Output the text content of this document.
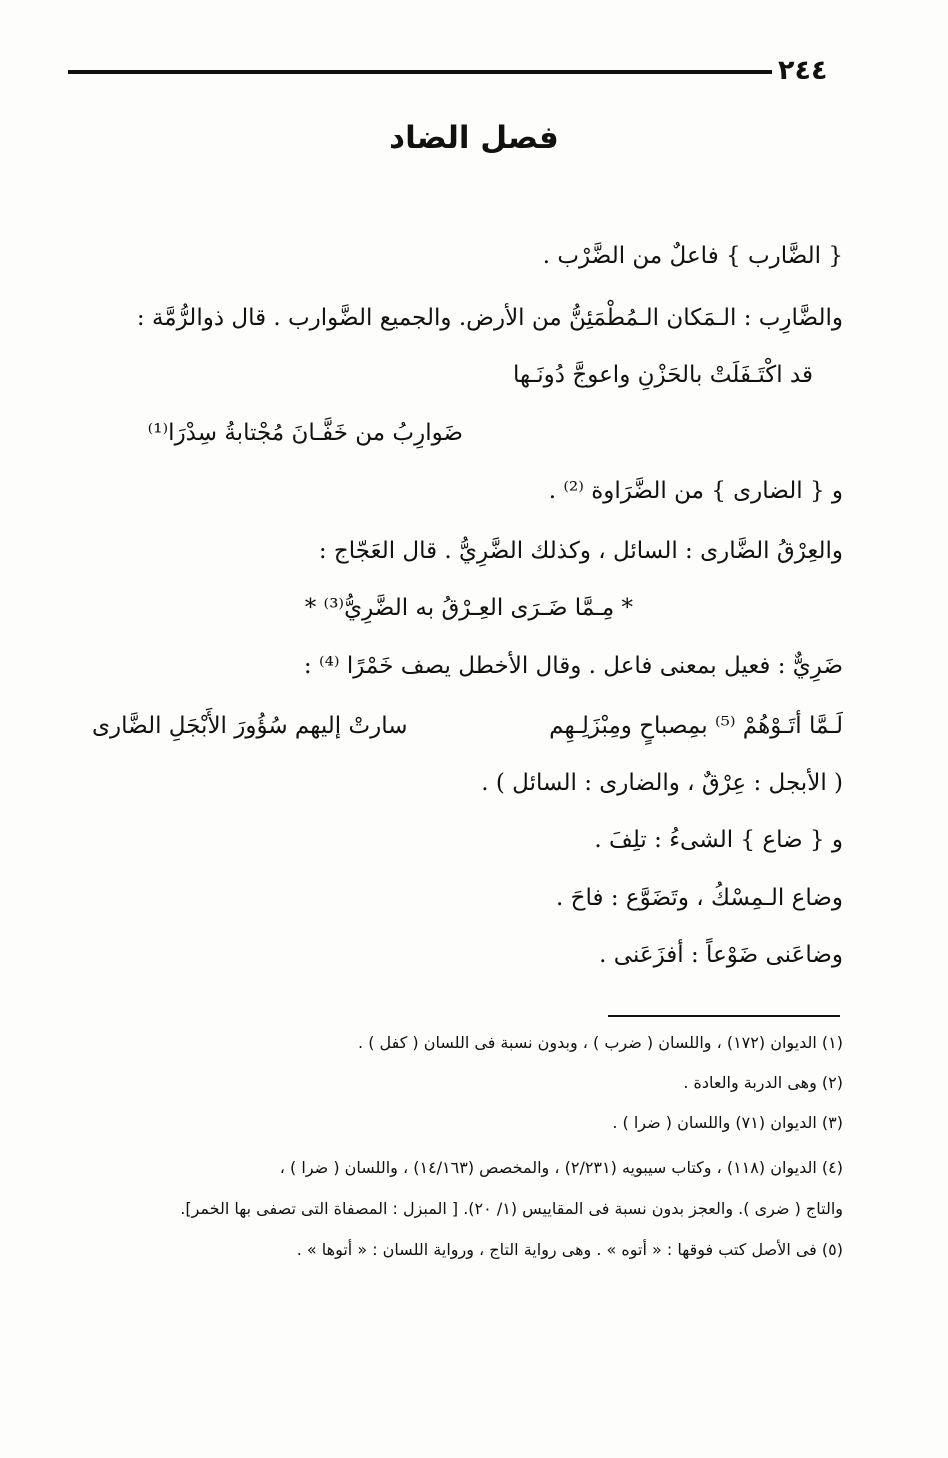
٢٤٤
فصل الضاد
{ الضَّارب } فاعلٌ من الضَّرْب .
والضَّارِب : الـمَكان الـمُطْمَئِنُّ من الأرض. والجميع الضَّوارب . قال ذوالرُّمَّة :
قد اكْتَـفَلَتْ بالحَزْنِ واعوجَّ دُونَـها
ضَوارِبُ من خَفَّـانَ مُجْتابةُ سِدْرَا⁽¹⁾
و { الضارى } من الضَّرَاوة ⁽²⁾ .
والعِرْقُ الضَّارى : السائل ، وكذلك الضَّرِيُّ . قال العَجّاج :
* مِـمَّا ضَـرَى العِـرْقُ به الضَّرِيُّ⁽³⁾ *
ضَرِيٌّ : فعيل بمعنى فاعل . وقال الأخطل يصف خَمْرًا ⁽⁴⁾ :
لَـمَّا أتَـوْهُمْ ⁽⁵⁾ بمِصباحٍ ومِبْزَلِـهِم
سارتْ إليهم سُؤُورَ الأَبْجَلِ الضَّارى
( الأبجل : عِرْقٌ ، والضارى : السائل ) .
و { ضاع } الشىءُ : تلِفَ .
وضاع الـمِسْكُ ، وتَضَوَّع : فاحَ .
وضاعَنى ضَوْعاً : أفزَعَنى .
(١) الديوان (١٧٢) ، واللسان ( ضرب ) ، وبدون نسبة فى اللسان ( كفل ) .
(٢) وهى الدربة والعادة .
(٣) الديوان (٧١) واللسان ( ضرا ) .
(٤) الديوان (١١٨) ، وكتاب سيبويه (٢/٢٣١) ، والمخصص (١٤/١٦٣) ، واللسان ( ضرا ) ،
والتاج ( ضرى ). والعجز بدون نسبة فى المقاييس (١/ ٢٠). [ المبزل : المصفاة التى تصفى بها الخمر].
(٥) فى الأصل كتب فوقها : « أتوه » . وهى رواية التاج ، ورواية اللسان : « أتوها » .
